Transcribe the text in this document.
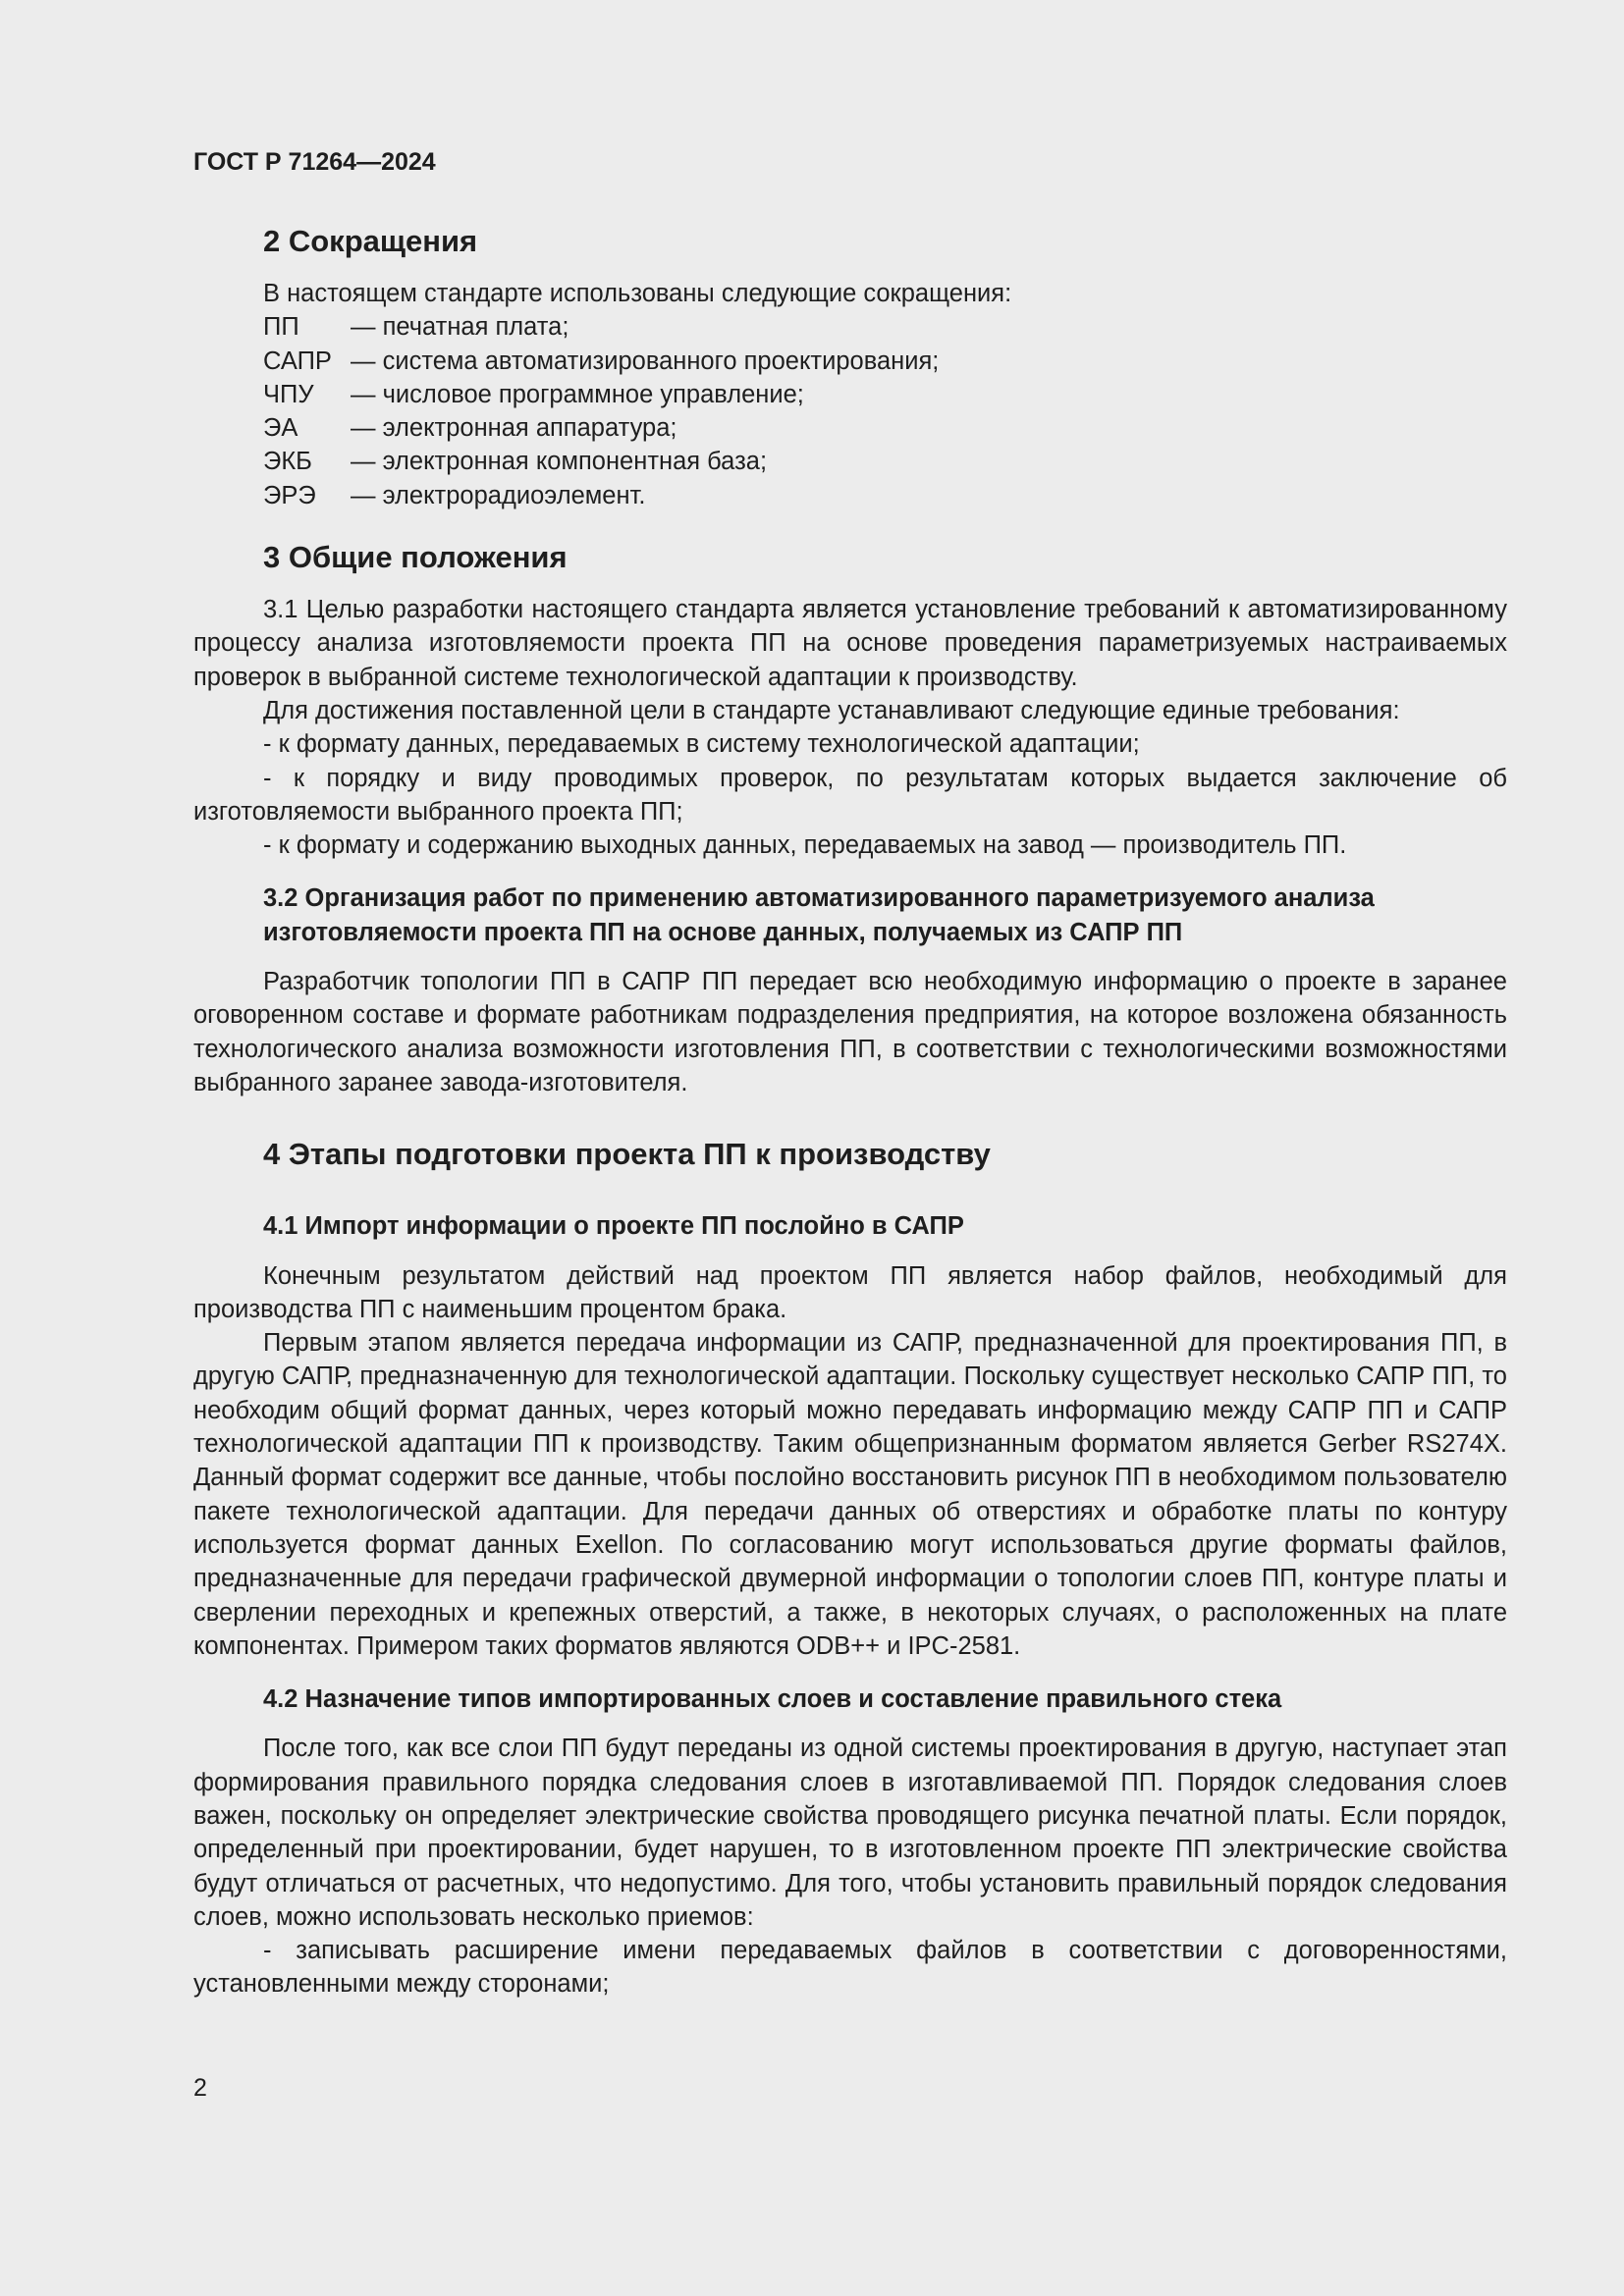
ГОСТ Р 71264—2024
2 Сокращения

В настоящем стандарте использованы следующие сокращения:

ПП	— печатная плата;
САПР — система автоматизированного проектирования;
ЧПУ	— числовое программное управление;
ЭА	— электронная аппаратура;
ЭКБ	— электронная компонентная база;
ЭРЭ	— электрорадиоэлемент.
3 Общие положения

3.1 Целью разработки настоящего стандарта является установление требований к автоматизированному процессу анализа изготовляемости проекта ПП на основе проведения параметризуемых настраиваемых проверок в выбранной системе технологической адаптации к производству.

Для достижения поставленной цели в стандарте устанавливают следующие единые требования:

- к формату данных, передаваемых в систему технологической адаптации;

- к порядку и виду проводимых проверок, по результатам которых выдается заключение об изготовляемости выбранного проекта ПП;

- к формату и содержанию выходных данных, передаваемых на завод — производитель ПП.

3.2 Организация работ по применению автоматизированного параметризуемого анализа изготовляемости проекта ПП на основе данных, получаемых из САПР ПП

Разработчик топологии ПП в САПР ПП передает всю необходимую информацию о проекте в заранее оговоренном составе и формате работникам подразделения предприятия, на которое возложена обязанность технологического анализа возможности изготовления ПП, в соответствии с технологическими возможностями выбранного заранее завода-изготовителя.

4 Этапы подготовки проекта ПП к производству

4.1 Импорт информации о проекте ПП послойно в САПР

Конечным результатом действий над проектом ПП является набор файлов, необходимый для производства ПП с наименьшим процентом брака.

Первым этапом является передача информации из САПР, предназначенной для проектирования ПП, в другую САПР, предназначенную для технологической адаптации. Поскольку существует несколько САПР ПП, то необходим общий формат данных, через который можно передавать информацию между САПР ПП и САПР технологической адаптации ПП к производству. Таким общепризнанным форматом является Gerber RS274X. Данный формат содержит все данные, чтобы послойно восстановить рисунок ПП в необходимом пользователю пакете технологической адаптации. Для передачи данных об отверстиях и обработке платы по контуру используется формат данных Exellon. По согласованию могут использоваться другие форматы файлов, предназначенные для передачи графической двумерной информации о топологии слоев ПП, контуре платы и сверлении переходных и крепежных отверстий, а также, в некоторых случаях, о расположенных на плате компонентах. Примером таких форматов являются ODB++ и IPC-2581.

4.2 Назначение типов импортированных слоев и составление правильного стека

После того, как все слои ПП будут переданы из одной системы проектирования в другую, наступает этап формирования правильного порядка следования слоев в изготавливаемой ПП. Порядок следования слоев важен, поскольку он определяет электрические свойства проводящего рисунка печатной платы. Если порядок, определенный при проектировании, будет нарушен, то в изготовленном проекте ПП электрические свойства будут отличаться от расчетных, что недопустимо. Для того, чтобы установить правильный порядок следования слоев, можно использовать несколько приемов:

- записывать расширение имени передаваемых файлов в соответствии с договоренностями, установленными между сторонами;

2
